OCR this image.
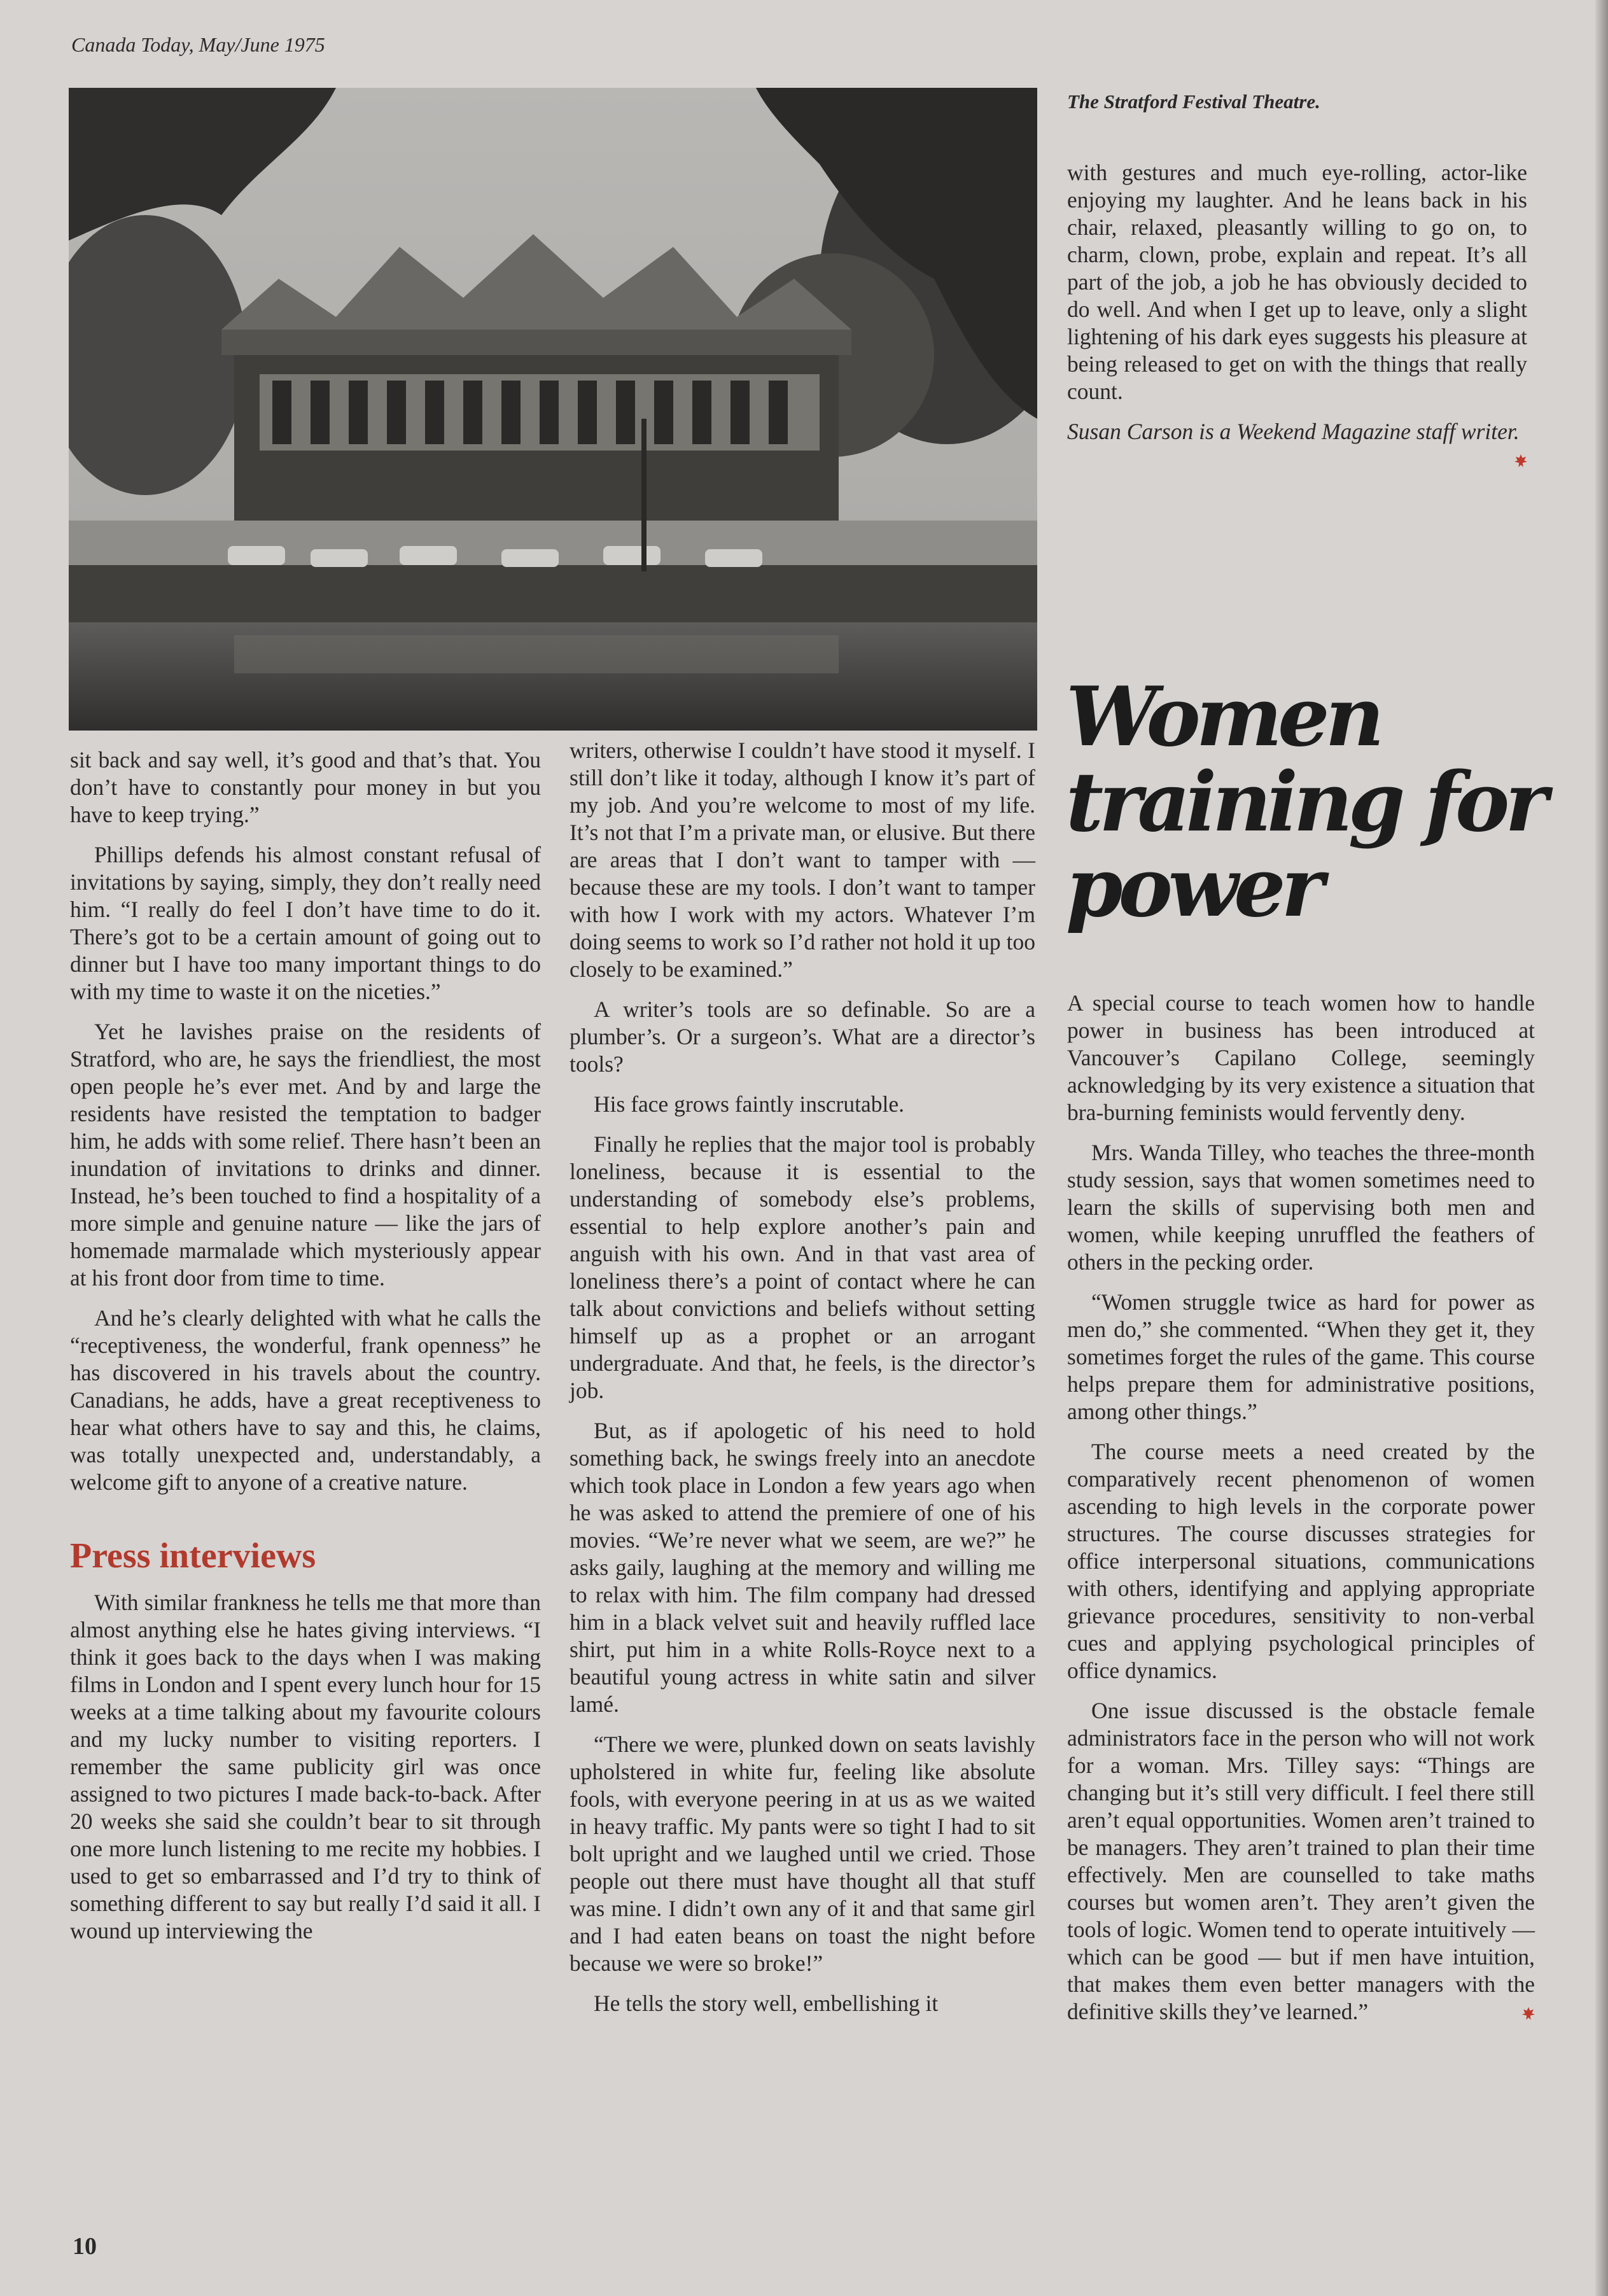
Canada Today, May/June 1975
The Stratford Festival Theatre.

sit back and say well, it’s good and that’s that. You don’t have to constantly pour money in but you have to keep trying.”

Phillips defends his almost constant refusal of invitations by saying, simply, they don’t really need him. “I really do feel I don’t have time to do it. There’s got to be a certain amount of going out to dinner but I have too many important things to do with my time to waste it on the niceties.”

Yet he lavishes praise on the residents of Stratford, who are, he says the friendliest, the most open people he’s ever met. And by and large the residents have resisted the temptation to badger him, he adds with some relief. There hasn’t been an inundation of invitations to drinks and dinner. Instead, he’s been touched to find a hospitality of a more simple and genuine nature — like the jars of homemade marmalade which mysteriously appear at his front door from time to time.

And he’s clearly delighted with what he calls the “receptiveness, the wonderful, frank openness” he has discovered in his travels about the country. Canadians, he adds, have a great receptiveness to hear what others have to say and this, he claims, was totally unexpected and, understandably, a welcome gift to anyone of a creative nature.

Press interviews

With similar frankness he tells me that more than almost anything else he hates giving interviews. “I think it goes back to the days when I was making films in London and I spent every lunch hour for 15 weeks at a time talking about my favourite colours and my lucky number to visiting reporters. I remember the same publicity girl was once assigned to two pictures I made back-to-back. After 20 weeks she said she couldn’t bear to sit through one more lunch listening to me recite my hobbies. I used to get so embarrassed and I’d try to think of something different to say but really I’d said it all. I wound up interviewing the

writers, otherwise I couldn’t have stood it myself. I still don’t like it today, although I know it’s part of my job. And you’re welcome to most of my life. It’s not that I’m a private man, or elusive. But there are areas that I don’t want to tamper with — because these are my tools. I don’t want to tamper with how I work with my actors. Whatever I’m doing seems to work so I’d rather not hold it up too closely to be examined.”

A writer’s tools are so definable. So are a plumber’s. Or a surgeon’s. What are a director’s tools?

His face grows faintly inscrutable.

Finally he replies that the major tool is probably loneliness, because it is essential to the understanding of somebody else’s problems, essential to help explore another’s pain and anguish with his own. And in that vast area of loneliness there’s a point of contact where he can talk about convictions and beliefs without setting himself up as a prophet or an arrogant undergraduate. And that, he feels, is the director’s job.

But, as if apologetic of his need to hold something back, he swings freely into an anecdote which took place in London a few years ago when he was asked to attend the premiere of one of his movies. “We’re never what we seem, are we?” he asks gaily, laughing at the memory and willing me to relax with him. The film company had dressed him in a black velvet suit and heavily ruffled lace shirt, put him in a white Rolls-Royce next to a beautiful young actress in white satin and silver lamé.

“There we were, plunked down on seats lavishly upholstered in white fur, feeling like absolute fools, with everyone peering in at us as we waited in heavy traffic. My pants were so tight I had to sit bolt upright and we laughed until we cried. Those people out there must have thought all that stuff was mine. I didn’t own any of it and that same girl and I had eaten beans on toast the night before because we were so broke!”

He tells the story well, embellishing it

with gestures and much eye-rolling, actor-like enjoying my laughter. And he leans back in his chair, relaxed, pleasantly willing to go on, to charm, clown, probe, explain and repeat. It’s all part of the job, a job he has obviously decided to do well. And when I get up to leave, only a slight lightening of his dark eyes suggests his pleasure at being released to get on with the things that really count.

Susan Carson is a Weekend Magazine staff writer.

Women
training for
power

A special course to teach women how to handle power in business has been introduced at Vancouver’s Capilano College, seemingly acknowledging by its very existence a situation that bra-burning feminists would fervently deny.

Mrs. Wanda Tilley, who teaches the three-month study session, says that women sometimes need to learn the skills of supervising both men and women, while keeping unruffled the feathers of others in the pecking order.

“Women struggle twice as hard for power as men do,” she commented. “When they get it, they sometimes forget the rules of the game. This course helps prepare them for administrative positions, among other things.”

The course meets a need created by the comparatively recent phenomenon of women ascending to high levels in the corporate power structures. The course discusses strategies for office interpersonal situations, communications with others, identifying and applying appropriate grievance procedures, sensitivity to non-verbal cues and applying psychological principles of office dynamics.

One issue discussed is the obstacle female administrators face in the person who will not work for a woman. Mrs. Tilley says: “Things are changing but it’s still very difficult. I feel there still aren’t equal opportunities. Women aren’t trained to be managers. They aren’t trained to plan their time effectively. Men are counselled to take maths courses but women aren’t. They aren’t given the tools of logic. Women tend to operate intuitively — which can be good — but if men have intuition, that makes them even better managers with the definitive skills they’ve learned.”

10
